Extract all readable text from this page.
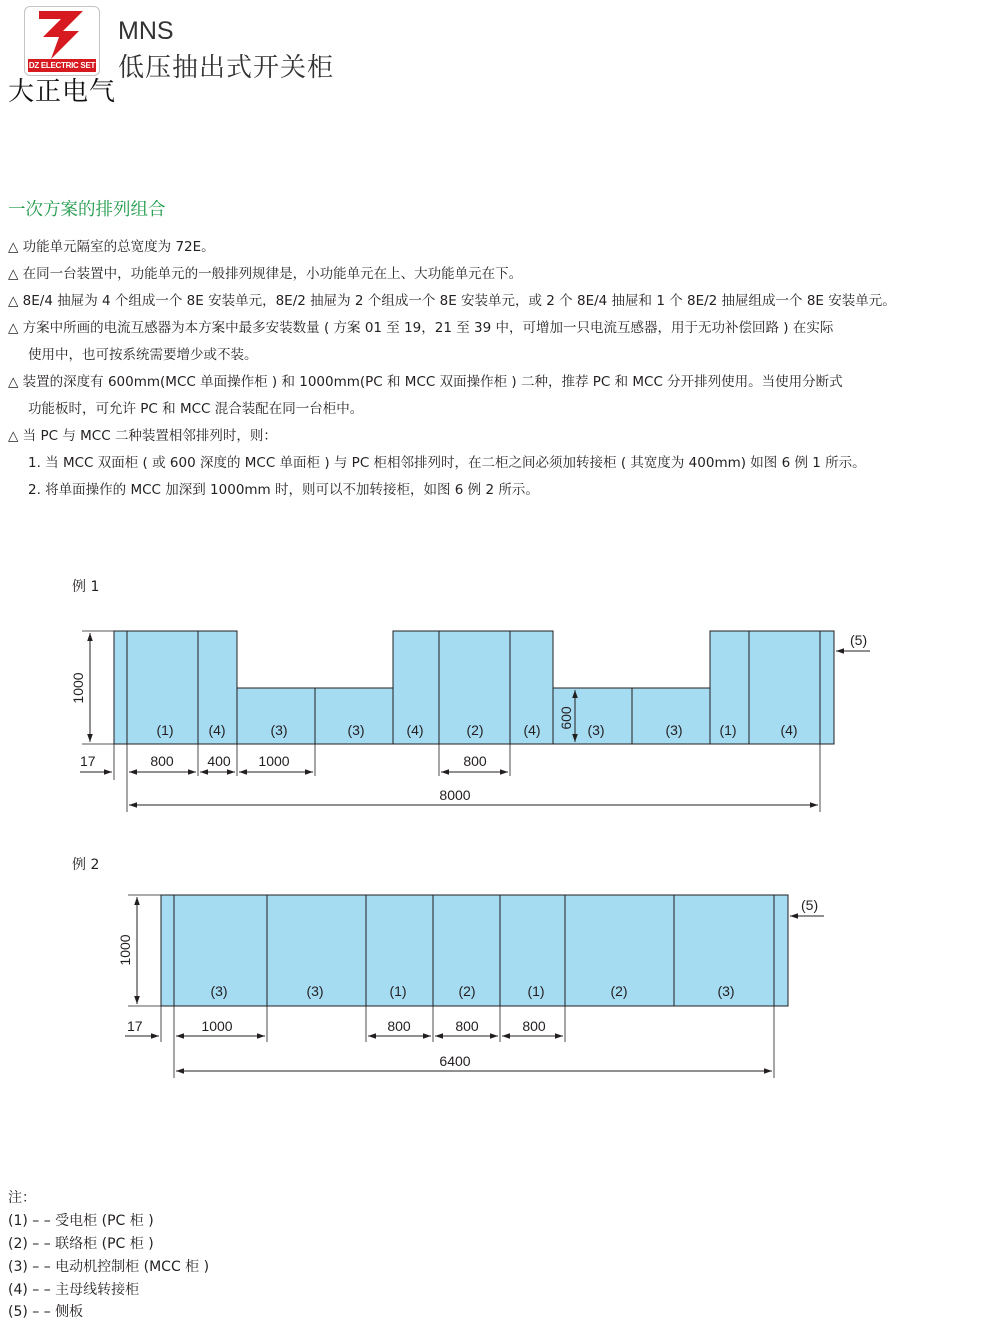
DZ ELECTRIC SET
大正电气
MNS
低压抽出式开关柜
一次方案的排列组合
△ 功能单元隔室的总宽度为 72E。
△ 在同一台装置中，功能单元的一般排列规律是，小功能单元在上、大功能单元在下。
△ 8E/4 抽屉为 4 个组成一个 8E 安装单元，8E/2 抽屉为 2 个组成一个 8E 安装单元，或 2 个 8E/4 抽屉和 1 个 8E/2 抽屉组成一个 8E 安装单元。
△ 方案中所画的电流互感器为本方案中最多安装数量 ( 方案 01 至 19，21 至 39 中，可增加一只电流互感器，用于无功补偿回路 ) 在实际
使用中，也可按系统需要增少或不装。
△ 装置的深度有 600mm(MCC 单面操作柜 ) 和 1000mm(PC 和 MCC 双面操作柜 ) 二种，推荐 PC 和 MCC 分开排列使用。当使用分断式
功能板时，可允许 PC 和 MCC 混合装配在同一台柜中。
△ 当 PC 与 MCC 二种装置相邻排列时，则：
1. 当 MCC 双面柜 ( 或 600 深度的 MCC 单面柜 ) 与 PC 柜相邻排列时，在二柜之间必须加转接柜 ( 其宽度为 400mm) 如图 6 例 1 所示。
2. 将单面操作的 MCC 加深到 1000mm 时，则可以不加转接柜，如图 6 例 2 所示。
例 1
例 2
(1) (4)	(3)	(3)	(4)	(2)	(4)	(3)	(3)	(1)	(4)
(5)
1000
600
17	800 400 1000	800
8000
(3)	(3)	(1)	(2)	(1)	(2)	(3)
(5)
1000
17	1000	800	800	800
6400
注：
(1) – – 受电柜 (PC 柜 )
(2) – – 联络柜 (PC 柜 )
(3) – – 电动机控制柜 (MCC 柜 )
(4) – – 主母线转接柜
(5) – – 侧板
